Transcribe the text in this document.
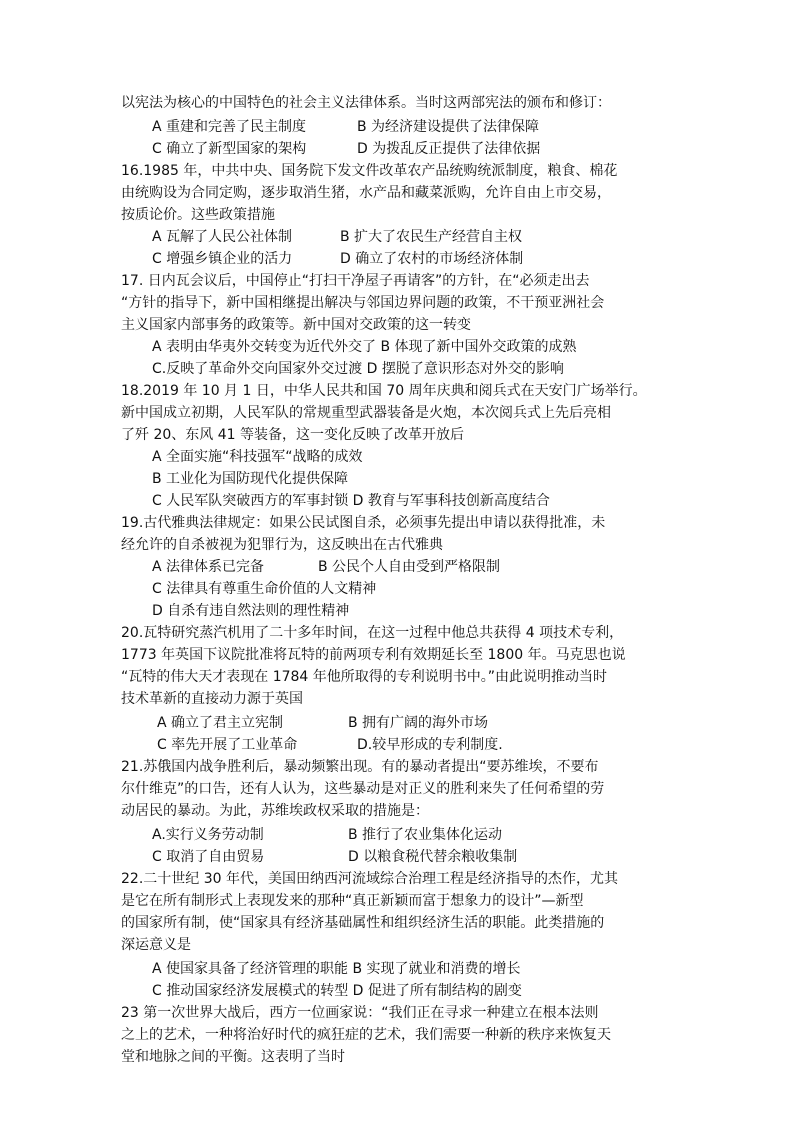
以宪法为核心的中国特色的社会主义法律体系。当时这两部宪法的颁布和修订：
A 重建和完善了民主制度	B 为经济建设提供了法律保障
C 确立了新型国家的架构	D 为拨乱反正提供了法律依据
16.1985 年，中共中央、国务院下发文件改革农产品统购统派制度，粮食、棉花
由统购设为合同定购，逐步取消生猪，水产品和藏菜派购，允许自由上市交易，
按质论价。这些政策措施
A 瓦解了人民公社体制	B 扩大了农民生产经营自主权
C 增强乡镇企业的活力	D 确立了农村的市场经济体制
17. 日内瓦会议后，中国停止“打扫干净屋子再请客”的方针，在“必须走出去
“方针的指导下，新中国相继提出解决与邻国边界问题的政策，不干预亚洲社会
主义国家内部事务的政策等。新中国对交政策的这一转变
A 表明由华夷外交转变为近代外交了 B 体现了新中国外交政策的成熟
C.反映了革命外交向国家外交过渡 D 摆脱了意识形态对外交的影响
18.2019 年 10 月 1 日，中华人民共和国 70 周年庆典和阅兵式在天安门广场举行。
新中国成立初期，人民军队的常规重型武器装备是火炮，本次阅兵式上先后亮相
了歼 20、东风 41 等装备，这一变化反映了改革开放后
A 全面实施“科技强军“战略的成效
B 工业化为国防现代化提供保障
C 人民军队突破西方的军事封锁 D 教育与军事科技创新高度结合
19.古代雅典法律规定：如果公民试图自杀，必须事先提出申请以获得批准，未
经允许的自杀被视为犯罪行为，这反映出在古代雅典
A 法律体系已完备	B 公民个人自由受到严格限制
C 法律具有尊重生命价值的人文精神
D 自杀有违自然法则的理性精神
20.瓦特研究蒸汽机用了二十多年时间，在这一过程中他总共获得 4 项技术专利，
1773 年英国下议院批准将瓦特的前两项专利有效期延长至 1800 年。马克思也说
“瓦特的伟大天才表现在 1784 年他所取得的专利说明书中。”由此说明推动当时
技术革新的直接动力源于英国
A 确立了君主立宪制	B 拥有广阔的海外市场
C 率先开展了工业革命	D.较早形成的专利制度.
21.苏俄国内战争胜利后，暴动频繁出现。有的暴动者提出“要苏维埃，不要布
尔什维克”的口告，还有人认为，这些暴动是对正义的胜利来失了任何希望的劳
动居民的暴动。为此，苏维埃政权采取的措施是：
A.实行义务劳动制	B 推行了农业集体化运动
C 取消了自由贸易	D 以粮食税代替余粮收集制
22.二十世纪 30 年代，美国田纳西河流域综合治理工程是经济指导的杰作，尤其
是它在所有制形式上表现发来的那种“真正新颖而富于想象力的设计”—新型
的国家所有制，使“国家具有经济基础属性和组织经济生活的职能。此类措施的
深运意义是
A 使国家具备了经济管理的职能 B 实现了就业和消费的增长
C 推动国家经济发展模式的转型 D 促进了所有制结构的剧变
23 第一次世界大战后，西方一位画家说：“我们正在寻求一种建立在根本法则
之上的艺术，一种将治好时代的疯狂症的艺术，我们需要一种新的秩序来恢复天
堂和地脉之间的平衡。这表明了当时
